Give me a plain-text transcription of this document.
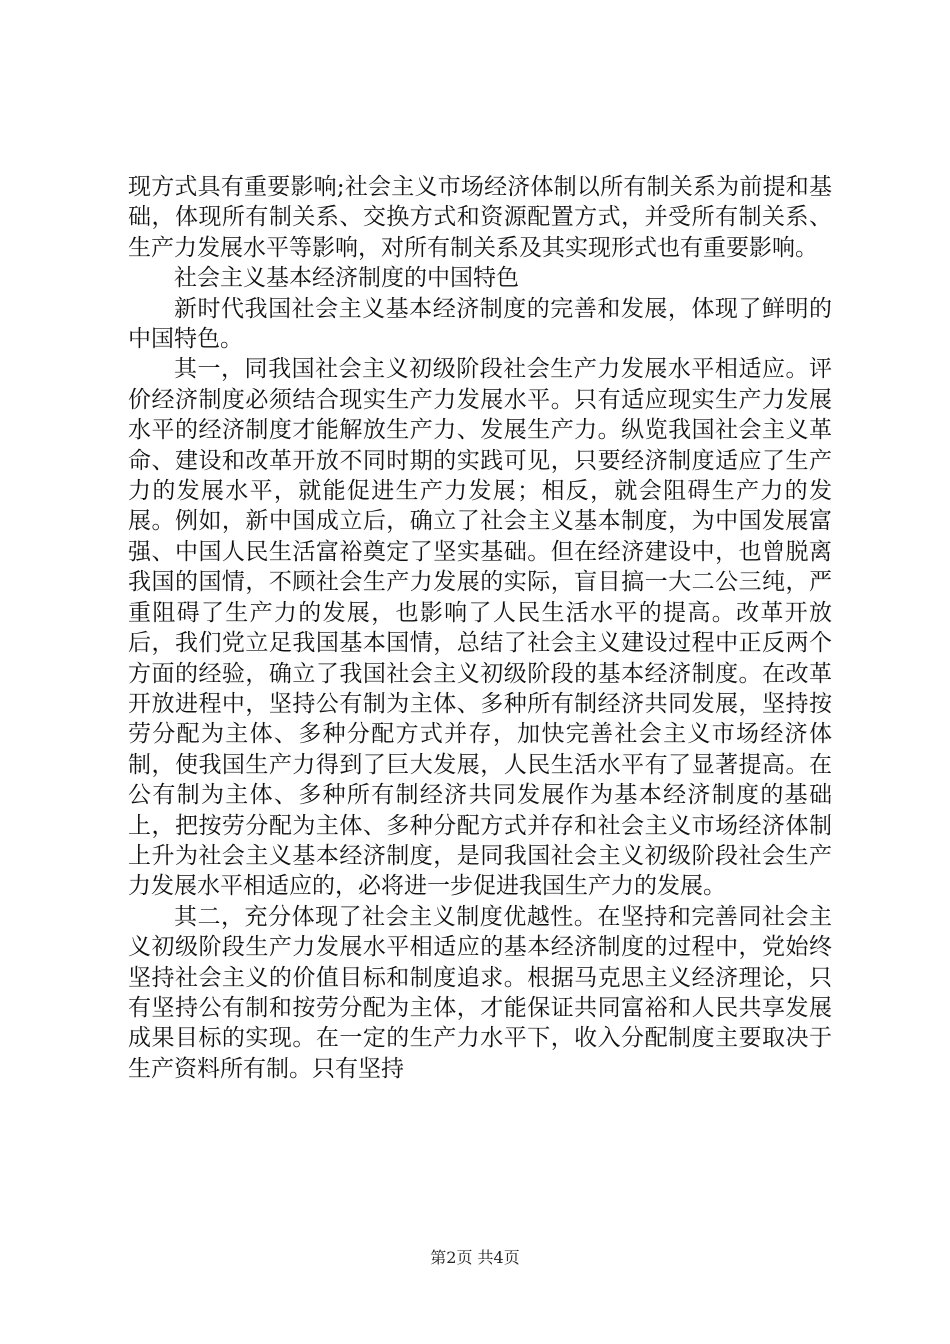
现方式具有重要影响;社会主义市场经济体制以所有制关系为前提和基础，体现所有制关系、交换方式和资源配置方式，并受所有制关系、生产力发展水平等影响，对所有制关系及其实现形式也有重要影响。

社会主义基本经济制度的中国特色

新时代我国社会主义基本经济制度的完善和发展，体现了鲜明的中国特色。

其一，同我国社会主义初级阶段社会生产力发展水平相适应。评价经济制度必须结合现实生产力发展水平。只有适应现实生产力发展水平的经济制度才能解放生产力、发展生产力。纵览我国社会主义革命、建设和改革开放不同时期的实践可见，只要经济制度适应了生产力的发展水平，就能促进生产力发展；相反，就会阻碍生产力的发展。例如，新中国成立后，确立了社会主义基本制度，为中国发展富强、中国人民生活富裕奠定了坚实基础。但在经济建设中，也曾脱离我国的国情，不顾社会生产力发展的实际，盲目搞一大二公三纯，严重阻碍了生产力的发展，也影响了人民生活水平的提高。改革开放后，我们党立足我国基本国情，总结了社会主义建设过程中正反两个方面的经验，确立了我国社会主义初级阶段的基本经济制度。在改革开放进程中，坚持公有制为主体、多种所有制经济共同发展，坚持按劳分配为主体、多种分配方式并存，加快完善社会主义市场经济体制，使我国生产力得到了巨大发展，人民生活水平有了显著提高。在公有制为主体、多种所有制经济共同发展作为基本经济制度的基础上，把按劳分配为主体、多种分配方式并存和社会主义市场经济体制上升为社会主义基本经济制度，是同我国社会主义初级阶段社会生产力发展水平相适应的，必将进一步促进我国生产力的发展。

其二，充分体现了社会主义制度优越性。在坚持和完善同社会主义初级阶段生产力发展水平相适应的基本经济制度的过程中，党始终坚持社会主义的价值目标和制度追求。根据马克思主义经济理论，只有坚持公有制和按劳分配为主体，才能保证共同富裕和人民共享发展成果目标的实现。在一定的生产力水平下，收入分配制度主要取决于生产资料所有制。只有坚持

第2页 共4页
